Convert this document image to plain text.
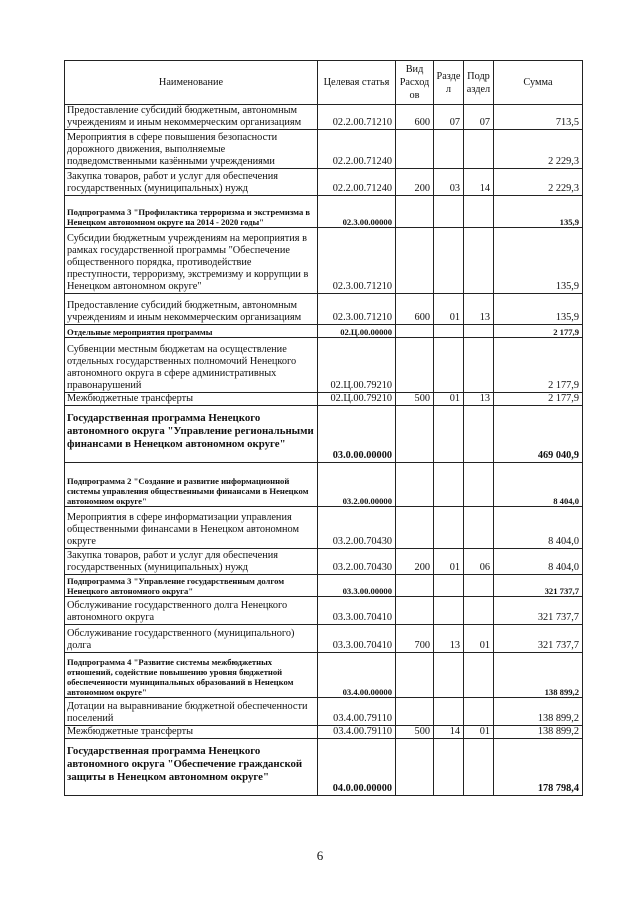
Наименование	Целевая статья	Вид Расход ов	Разде л	Подр аздел	Сумма
Предоставление субсидий бюджетным, автономным учреждениям и иным некоммерческим организациям	02.2.00.71210	600	07	07	713,5
Мероприятия в сфере повышения безопасности дорожного движения, выполняемые подведомственными казёнными учреждениями	02.2.00.71240				2 229,3
Закупка товаров, работ и услуг для обеспечения государственных (муниципальных) нужд	02.2.00.71240	200	03	14	2 229,3
Подпрограмма 3 "Профилактика терроризма и экстремизма в Ненецком автономном округе на 2014 - 2020 годы"	02.3.00.00000				135,9
Субсидии бюджетным учреждениям на мероприятия в рамках государственной программы "Обеспечение общественного порядка, противодействие преступности, терроризму, экстремизму и коррупции в Ненецком автономном округе"	02.3.00.71210				135,9
Предоставление субсидий бюджетным, автономным учреждениям и иным некоммерческим организациям	02.3.00.71210	600	01	13	135,9
Отдельные мероприятия программы	02.Ц.00.00000				2 177,9
Субвенции местным бюджетам на осуществление отдельных государственных полномочий Ненецкого автономного округа в сфере административных правонарушений	02.Ц.00.79210				2 177,9
Межбюджетные трансферты	02.Ц.00.79210	500	01	13	2 177,9
Государственная программа Ненецкого автономного округа "Управление региональными финансами в Ненецком автономном округе"	03.0.00.00000				469 040,9
Подпрограмма 2 "Создание и развитие информационной системы управления общественными финансами в Ненецком автономном округе"	03.2.00.00000				8 404,0
Мероприятия в сфере информатизации управления общественными финансами в Ненецком автономном округе	03.2.00.70430				8 404,0
Закупка товаров, работ и услуг для обеспечения государственных (муниципальных) нужд	03.2.00.70430	200	01	06	8 404,0
Подпрограмма 3 "Управление государственным долгом Ненецкого автономного округа"	03.3.00.00000				321 737,7
Обслуживание государственного долга Ненецкого автономного округа	03.3.00.70410				321 737,7
Обслуживание государственного (муниципального) долга	03.3.00.70410	700	13	01	321 737,7
Подпрограмма 4 "Развитие системы межбюджетных отношений, содействие повышению уровня бюджетной обеспеченности муниципальных образований в Ненецком автономном округе"	03.4.00.00000				138 899,2
Дотации на выравнивание бюджетной обеспеченности поселений	03.4.00.79110				138 899,2
Межбюджетные трансферты	03.4.00.79110	500	14	01	138 899,2
Государственная программа Ненецкого автономного округа "Обеспечение гражданской защиты в Ненецком автономном округе"	04.0.00.00000				178 798,4
6
